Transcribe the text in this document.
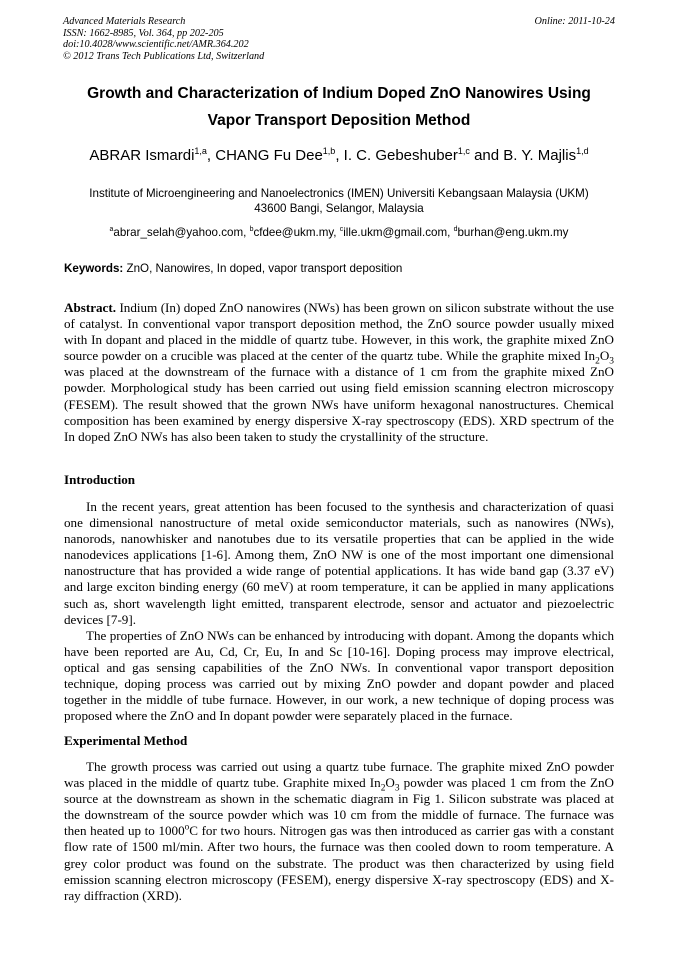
Advanced Materials Research
ISSN: 1662-8985, Vol. 364, pp 202-205
doi:10.4028/www.scientific.net/AMR.364.202
© 2012 Trans Tech Publications Ltd, Switzerland
Online: 2011-10-24
Growth and Characterization of Indium Doped ZnO Nanowires Using
Vapor Transport Deposition Method
ABRAR Ismardi$^{1,a}$, CHANG Fu Dee$^{1,b}$, I. C. Gebeshuber$^{1,c}$ and B. Y. Majlis$^{1,d}$
Institute of Microengineering and Nanoelectronics (IMEN) Universiti Kebangsaan Malaysia (UKM)
43600 Bangi, Selangor, Malaysia
$^a$abrar_selah@yahoo.com, $^b$cfdee@ukm.my, $^c$ille.ukm@gmail.com, $^d$burhan@eng.ukm.my
Keywords: ZnO, Nanowires, In doped, vapor transport deposition

Abstract. Indium (In) doped ZnO nanowires (NWs) has been grown on silicon substrate without the use of catalyst. In conventional vapor transport deposition method, the ZnO source powder usually mixed with In dopant and placed in the middle of quartz tube. However, in this work, the graphite mixed ZnO source powder on a crucible was placed at the center of the quartz tube. While the graphite mixed $In_2O_3$ was placed at the downstream of the furnace with a distance of 1 cm from the graphite mixed ZnO powder. Morphological study has been carried out using field emission scanning electron microscopy (FESEM). The result showed that the grown NWs have uniform hexagonal nanostructures. Chemical composition has been examined by energy dispersive X-ray spectroscopy (EDS). XRD spectrum of the In doped ZnO NWs has also been taken to study the crystallinity of the structure.

Introduction

In the recent years, great attention has been focused to the synthesis and characterization of quasi one dimensional nanostructure of metal oxide semiconductor materials, such as nanowires (NWs), nanorods, nanowhisker and nanotubes due to its versatile properties that can be applied in the wide nanodevices applications [1-6]. Among them, ZnO NW is one of the most important one dimensional nanostructure that has provided a wide range of potential applications. It has wide band gap (3.37 eV) and large exciton binding energy (60 meV) at room temperature, it can be applied in many applications such as, short wavelength light emitted, transparent electrode, sensor and actuator and piezoelectric devices [7-9].

The properties of ZnO NWs can be enhanced by introducing with dopant. Among the dopants which have been reported are Au, Cd, Cr, Eu, In and Sc [10-16]. Doping process may improve electrical, optical and gas sensing capabilities of the ZnO NWs. In conventional vapor transport deposition technique, doping process was carried out by mixing ZnO powder and dopant powder and placed together in the middle of tube furnace. However, in our work, a new technique of doping process was proposed where the ZnO and In dopant powder were separately placed in the furnace.

Experimental Method

The growth process was carried out using a quartz tube furnace. The graphite mixed ZnO powder was placed in the middle of quartz tube. Graphite mixed $In_2O_3$ powder was placed 1 cm from the ZnO source at the downstream as shown in the schematic diagram in Fig 1. Silicon substrate was placed at the downstream of the source powder which was 10 cm from the middle of furnace. The furnace was then heated up to 1000$^o$C for two hours. Nitrogen gas was then introduced as carrier gas with a constant flow rate of 1500 ml/min. After two hours, the furnace was then cooled down to room temperature. A grey color product was found on the substrate. The product was then characterized by using field emission scanning electron microscopy (FESEM), energy dispersive X-ray spectroscopy (EDS) and X-ray diffraction (XRD).
